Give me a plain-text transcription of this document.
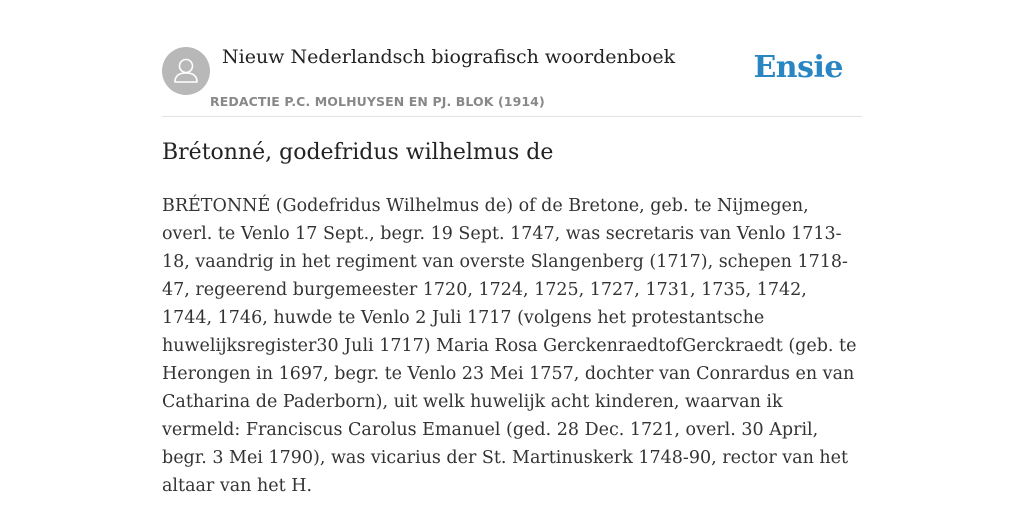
Nieuw Nederlandsch biografisch woordenboek
REDACTIE P.C. MOLHUYSEN EN PJ. BLOK (1914)
Ensie
Brétonné, godefridus wilhelmus de

BRÉTONNÉ (Godefridus Wilhelmus de) of de Bretone, geb. te Nijmegen, overl. te Venlo 17 Sept., begr. 19 Sept. 1747, was secretaris van Venlo 1713-18, vaandrig in het regiment van overste Slangenberg (1717), schepen 1718-47, regeerend burgemeester 1720, 1724, 1725, 1727, 1731, 1735, 1742, 1744, 1746, huwde te Venlo 2 Juli 1717 (volgens het protestantsche huwelijksregister30 Juli 1717) Maria Rosa GerckenraedtofGerckraedt (geb. te Herongen in 1697, begr. te Venlo 23 Mei 1757, dochter van Conrardus en van Catharina de Paderborn), uit welk huwelijk acht kinderen, waarvan ik vermeld: Franciscus Carolus Emanuel (ged. 28 Dec. 1721, overl. 30 April, begr. 3 Mei 1790), was vicarius der St. Martinuskerk 1748-90, rector van het altaar van het H.
